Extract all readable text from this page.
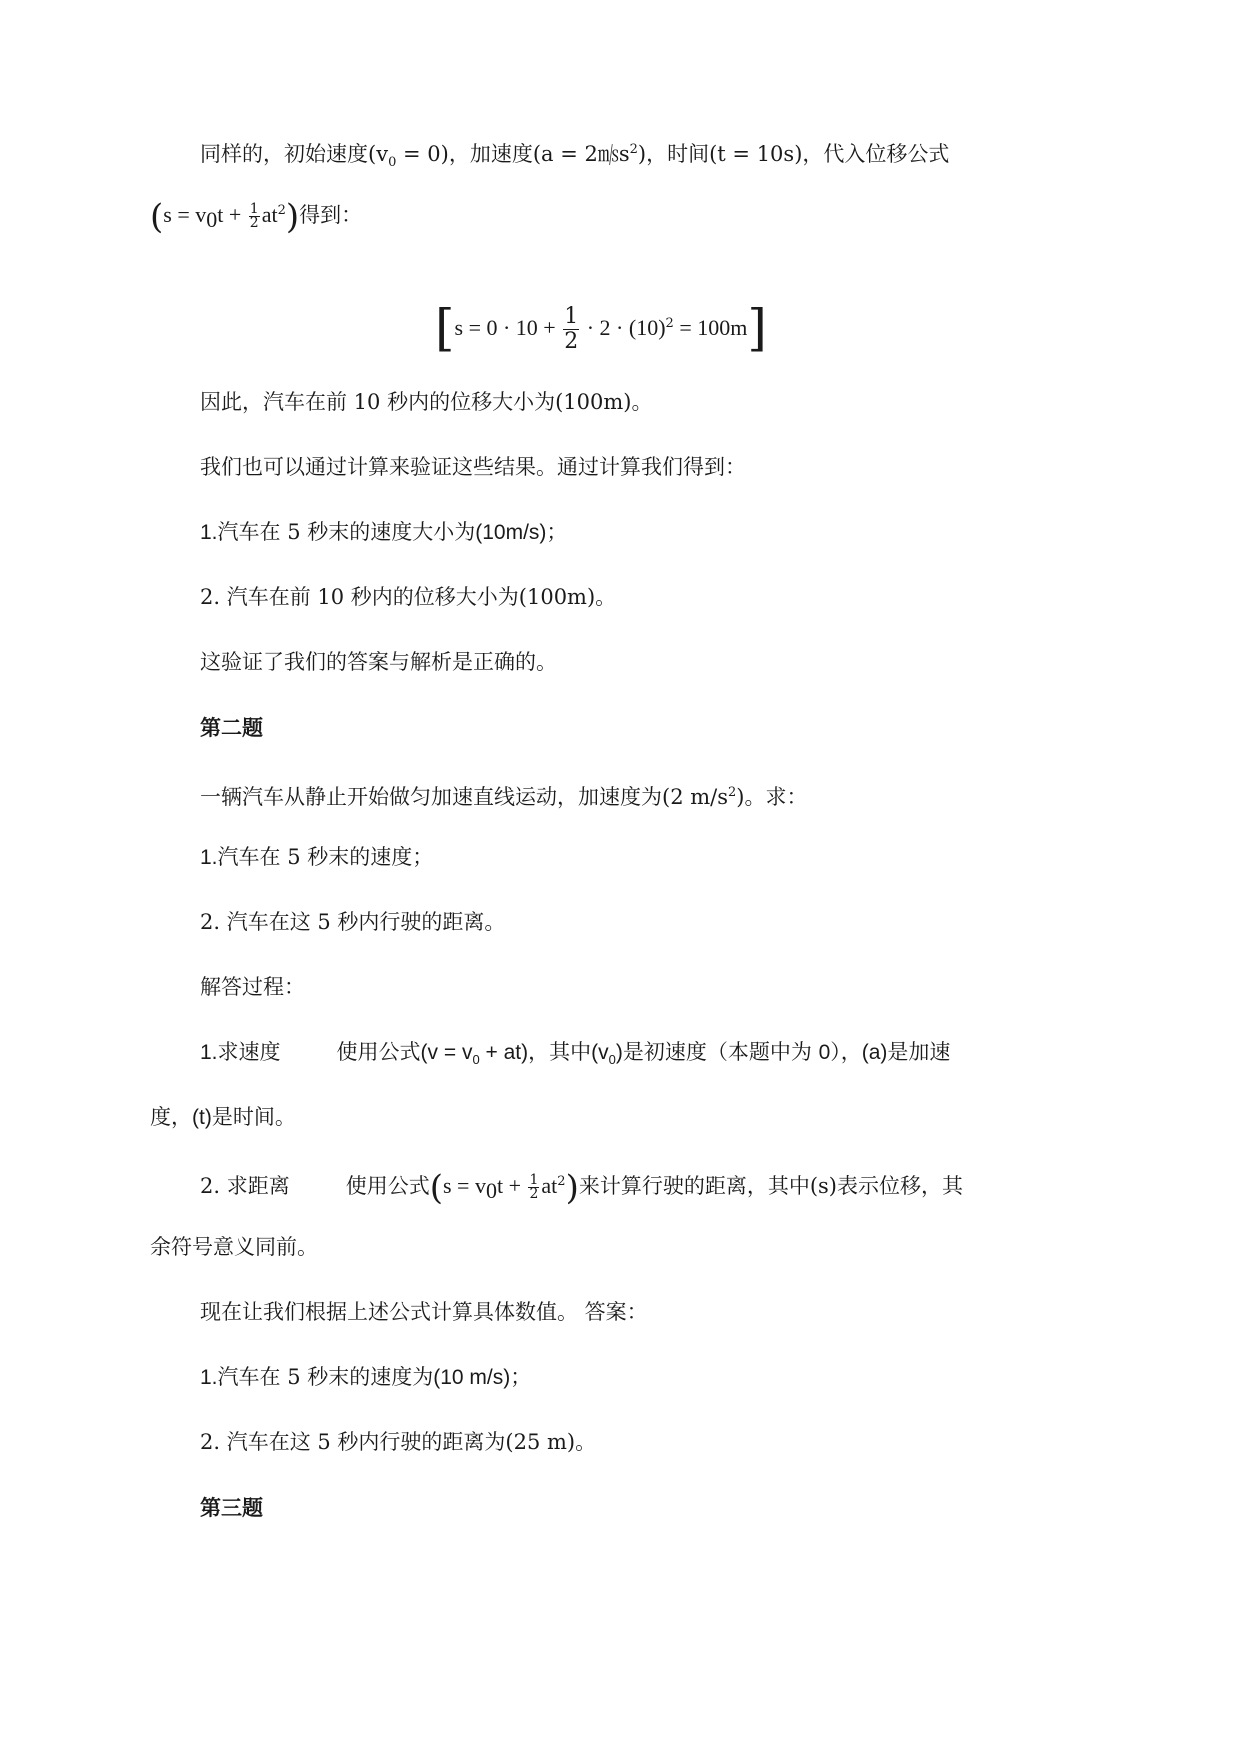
同样的，初始速度$(v_0 = 0)$，加速度$(a = 2㎧s^2)$，时间(t = 10s)，代入位移公式
$(s = v_0t + \frac{1}{2} at^2)$得到：
$[s = 0 \cdot 10 + \frac{1}{2} \cdot 2 \cdot (10)^2 = 100m]$
因此，汽车在前 10 秒内的位移大小为(100m)。
我们也可以通过计算来验证这些结果。通过计算我们得到：
1.汽车在 5 秒末的速度大小为(10m/s)；
2. 汽车在前 10 秒内的位移大小为(100m)。
这验证了我们的答案与解析是正确的。
第二题
一辆汽车从静止开始做匀加速直线运动，加速度为(2 $m/s^2$)。求：
1.汽车在 5 秒末的速度；
2. 汽车在这 5 秒内行驶的距离。
解答过程：
1.求速度	使用公式$(v = v_0 + at)$，其中$(v_0)$是初速度（本题中为 0），(a)是加速
度，(t)是时间。
2. 求距离	使用公式$(s = v_0t + \frac{1}{2} at^2)$来计算行驶的距离，其中(s)表示位移，其
余符号意义同前。
现在让我们根据上述公式计算具体数值。 答案：
1.汽车在 5 秒末的速度为(10 m/s)；
2. 汽车在这 5 秒内行驶的距离为(25 m)。
第三题
